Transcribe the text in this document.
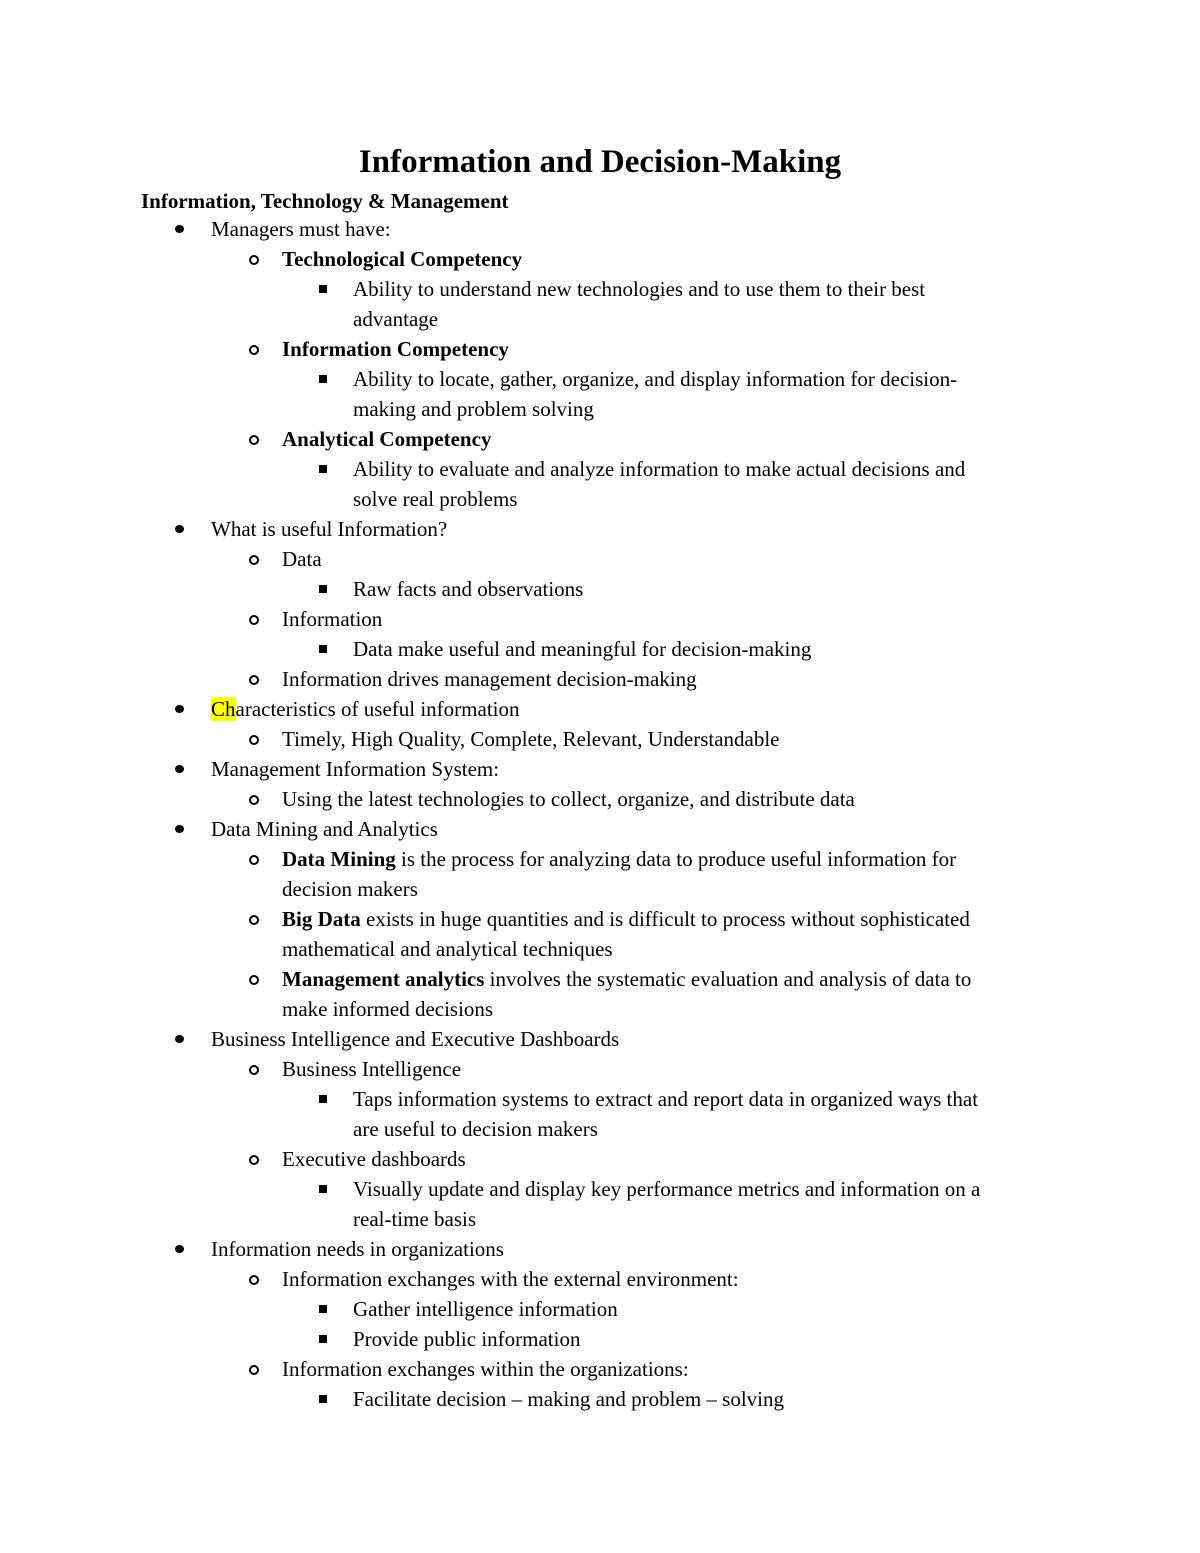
Information and Decision-Making
Information, Technology & Management
Managers must have:
Technological Competency
Ability to understand new technologies and to use them to their best
advantage
Information Competency
Ability to locate, gather, organize, and display information for decision-
making and problem solving
Analytical Competency
Ability to evaluate and analyze information to make actual decisions and
solve real problems
What is useful Information?
Data
Raw facts and observations
Information
Data make useful and meaningful for decision-making
Information drives management decision-making
Characteristics of useful information
Timely, High Quality, Complete, Relevant, Understandable
Management Information System:
Using the latest technologies to collect, organize, and distribute data
Data Mining and Analytics
Data Mining is the process for analyzing data to produce useful information for
decision makers
Big Data exists in huge quantities and is difficult to process without sophisticated
mathematical and analytical techniques
Management analytics involves the systematic evaluation and analysis of data to
make informed decisions
Business Intelligence and Executive Dashboards
Business Intelligence
Taps information systems to extract and report data in organized ways that
are useful to decision makers
Executive dashboards
Visually update and display key performance metrics and information on a
real-time basis
Information needs in organizations
Information exchanges with the external environment:
Gather intelligence information
Provide public information
Information exchanges within the organizations:
Facilitate decision – making and problem – solving
